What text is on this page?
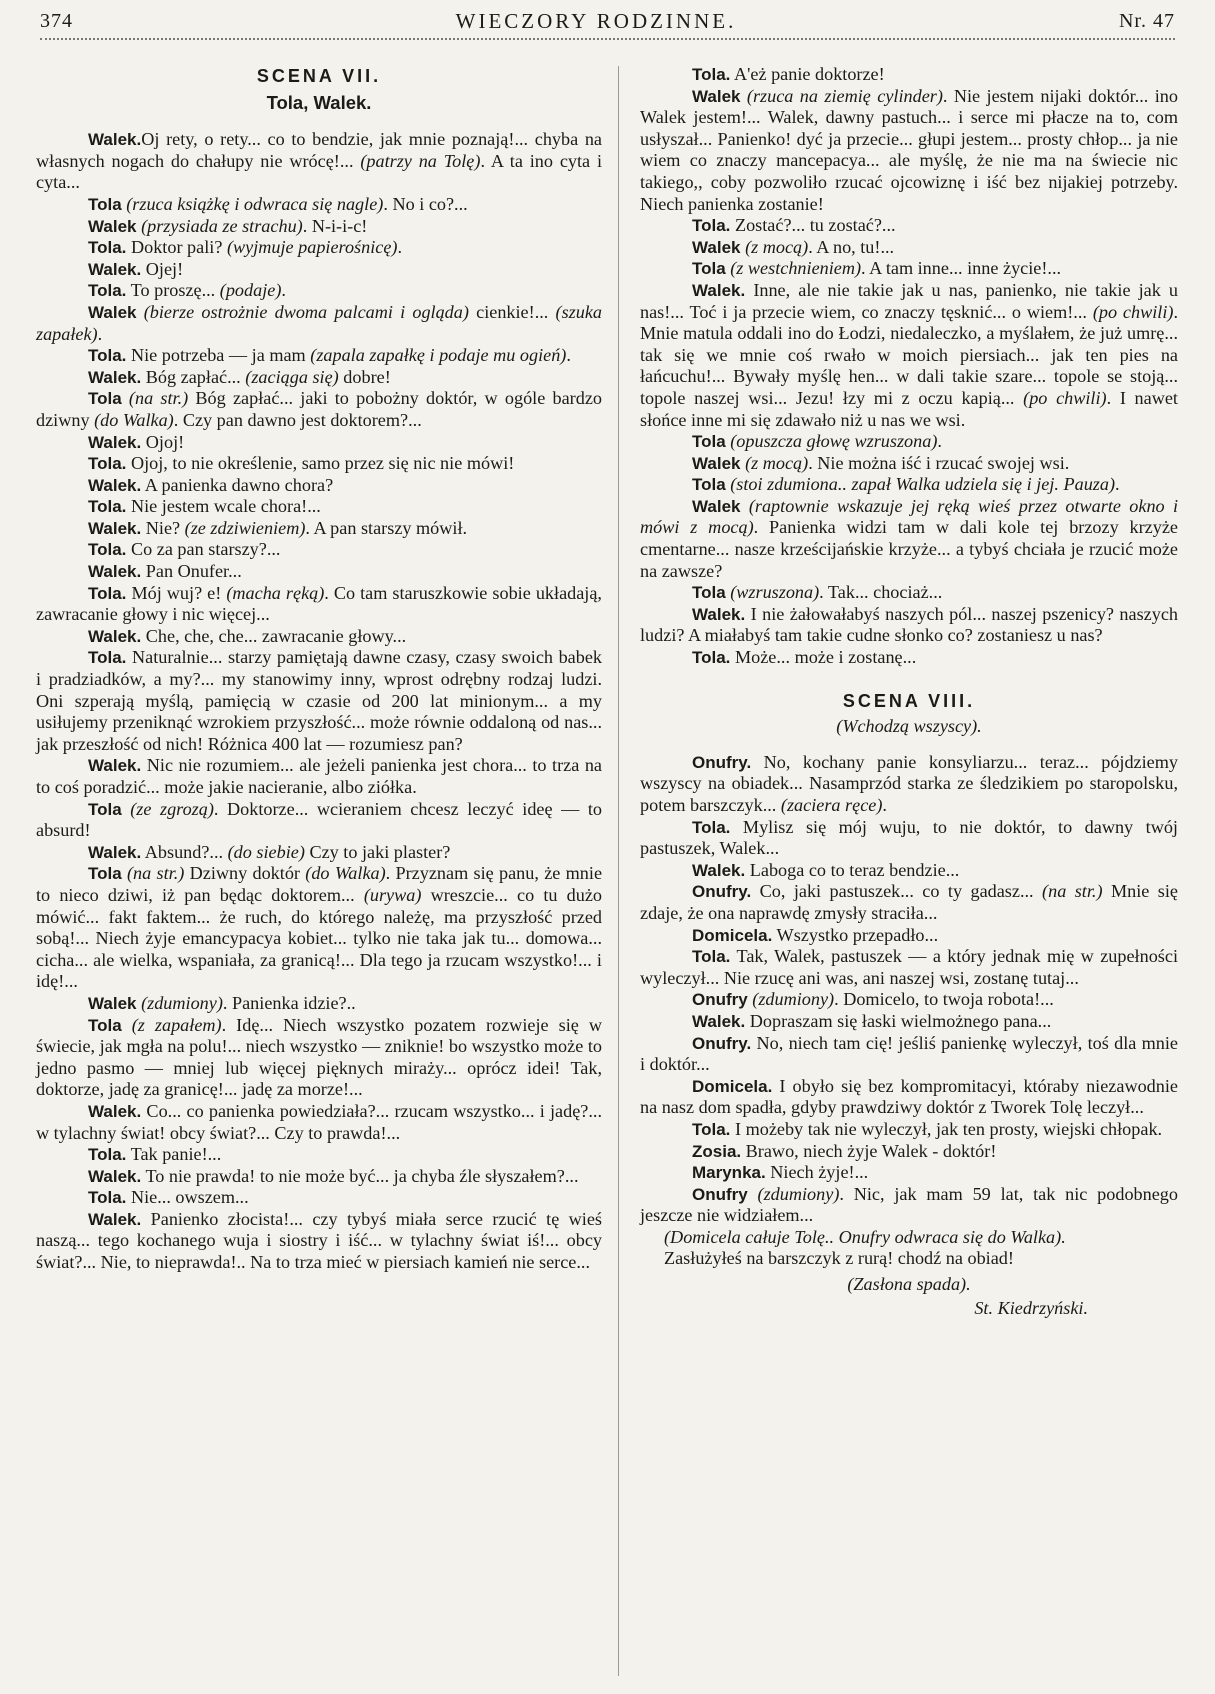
374	WIECZORY RODZINNE.	Nr. 47

SCENA VII.

Tola, Walek.

Walek.Oj rety, o rety... co to bendzie, jak mnie poznają!... chyba na własnych nogach do chałupy nie wrócę!... (patrzy na Tolę). A ta ino cyta i cyta...

Tola (rzuca książkę i odwraca się nagle). No i co?...

Walek (przysiada ze strachu). N-i-i-c!

Tola. Doktor pali? (wyjmuje papierośnicę).

Walek. Ojej!

Tola. To proszę... (podaje).

Walek (bierze ostrożnie dwoma palcami i ogląda) cienkie!... (szuka zapałek).

Tola. Nie potrzeba — ja mam (zapala zapałkę i podaje mu ogień).

Walek. Bóg zapłać... (zaciąga się) dobre!

Tola (na str.) Bóg zapłać... jaki to pobożny doktór, w ogóle bardzo dziwny (do Walka). Czy pan dawno jest doktorem?...

Walek. Ojoj!

Tola. Ojoj, to nie określenie, samo przez się nic nie mówi!

Walek. A panienka dawno chora?

Tola. Nie jestem wcale chora!...

Walek. Nie? (ze zdziwieniem). A pan starszy mówił.

Tola. Co za pan starszy?...

Walek. Pan Onufer...

Tola. Mój wuj? e! (macha ręką). Co tam staruszkowie sobie układają, zawracanie głowy i nic więcej...

Walek. Che, che, che... zawracanie głowy...

Tola. Naturalnie... starzy pamiętają dawne czasy, czasy swoich babek i pradziadków, a my?... my stanowimy inny, wprost odrębny rodzaj ludzi. Oni szperają myślą, pamięcią w czasie od 200 lat minionym... a my usiłujemy przeniknąć wzrokiem przyszłość... może równie oddaloną od nas... jak przeszłość od nich! Różnica 400 lat — rozumiesz pan?

Walek. Nic nie rozumiem... ale jeżeli panienka jest chora... to trza na to coś poradzić... może jakie nacieranie, albo ziółka.

Tola (ze zgrozą). Doktorze... wcieraniem chcesz leczyć ideę — to absurd!

Walek. Absund?... (do siebie) Czy to jaki plaster?

Tola (na str.) Dziwny doktór (do Walka). Przyznam się panu, że mnie to nieco dziwi, iż pan będąc doktorem... (urywa) wreszcie... co tu dużo mówić... fakt faktem... że ruch, do którego należę, ma przyszłość przed sobą!... Niech żyje emancypacya kobiet... tylko nie taka jak tu... domowa... cicha... ale wielka, wspaniała, za granicą!... Dla tego ja rzucam wszystko!... i idę!...

Walek (zdumiony). Panienka idzie?..

Tola (z zapałem). Idę... Niech wszystko pozatem rozwieje się w świecie, jak mgła na polu!... niech wszystko — zniknie! bo wszystko może to jedno pasmo — mniej lub więcej pięknych miraży... oprócz idei! Tak, doktorze, jadę za granicę!... jadę za morze!...

Walek. Co... co panienka powiedziała?... rzucam wszystko... i jadę?... w tylachny świat! obcy świat?... Czy to prawda!...

Tola. Tak panie!...

Walek. To nie prawda! to nie może być... ja chyba źle słyszałem?...

Tola. Nie... owszem...

Walek. Panienko złocista!... czy tybyś miała serce rzucić tę wieś naszą... tego kochanego wuja i siostry i iść... w tylachny świat iś!... obcy świat?... Nie, to nieprawda!.. Na to trza mieć w piersiach kamień nie serce...

Tola. A'eż panie doktorze!

Walek (rzuca na ziemię cylinder). Nie jestem nijaki doktór... ino Walek jestem!... Walek, dawny pastuch... i serce mi płacze na to, com usłyszał... Panienko! dyć ja przecie... głupi jestem... prosty chłop... ja nie wiem co znaczy mancepacya... ale myślę, że nie ma na świecie nic takiego,, coby pozwoliło rzucać ojcowiznę i iść bez nijakiej potrzeby. Niech panienka zostanie!

Tola. Zostać?... tu zostać?...

Walek (z mocą). A no, tu!...

Tola (z westchnieniem). A tam inne... inne życie!...

Walek. Inne, ale nie takie jak u nas, panienko, nie takie jak u nas!... Toć i ja przecie wiem, co znaczy tęsknić... o wiem!... (po chwili). Mnie matula oddali ino do Łodzi, niedaleczko, a myślałem, że już umrę... tak się we mnie coś rwało w moich piersiach... jak ten pies na łańcuchu!... Bywały myślę hen... w dali takie szare... topole se stoją... topole naszej wsi... Jezu! łzy mi z oczu kapią... (po chwili). I nawet słońce inne mi się zdawało niż u nas we wsi.

Tola (opuszcza głowę wzruszona).

Walek (z mocą). Nie można iść i rzucać swojej wsi.

Tola (stoi zdumiona.. zapał Walka udziela się i jej. Pauza).

Walek (raptownie wskazuje jej ręką wieś przez otwarte okno i mówi z mocą). Panienka widzi tam w dali kole tej brzozy krzyże cmentarne... nasze krześcijańskie krzyże... a tybyś chciała je rzucić może na zawsze?

Tola (wzruszona). Tak... chociaż...

Walek. I nie żałowałabyś naszych pól... naszej pszenicy? naszych ludzi? A miałabyś tam takie cudne słonko co? zostaniesz u nas?

Tola. Może... może i zostanę...

SCENA VIII.

(Wchodzą wszyscy).

Onufry. No, kochany panie konsyliarzu... teraz... pójdziemy wszyscy na obiadek... Nasamprzód starka ze śledzikiem po staropolsku, potem barszczyk... (zaciera ręce).

Tola. Mylisz się mój wuju, to nie doktór, to dawny twój pastuszek, Walek...

Walek. Laboga co to teraz bendzie...

Onufry. Co, jaki pastuszek... co ty gadasz... (na str.) Mnie się zdaje, że ona naprawdę zmysły straciła...

Domicela. Wszystko przepadło...

Tola. Tak, Walek, pastuszek — a który jednak mię w zupełności wyleczył... Nie rzucę ani was, ani naszej wsi, zostanę tutaj...

Onufry (zdumiony). Domicelo, to twoja robota!...

Walek. Dopraszam się łaski wielmożnego pana...

Onufry. No, niech tam cię! jeśliś panienkę wyleczył, toś dla mnie i doktór...

Domicela. I obyło się bez kompromitacyi, któraby niezawodnie na nasz dom spadła, gdyby prawdziwy doktór z Tworek Tolę leczył...

Tola. I możeby tak nie wyleczył, jak ten prosty, wiejski chłopak.

Zosia. Brawo, niech żyje Walek - doktór!

Marynka. Niech żyje!...

Onufry (zdumiony). Nic, jak mam 59 lat, tak nic podobnego jeszcze nie widziałem...

(Domicela całuje Tolę.. Onufry odwraca się do Walka).

Zasłużyłeś na barszczyk z rurą! chodź na obiad!

(Zasłona spada).

St. Kiedrzyński.
